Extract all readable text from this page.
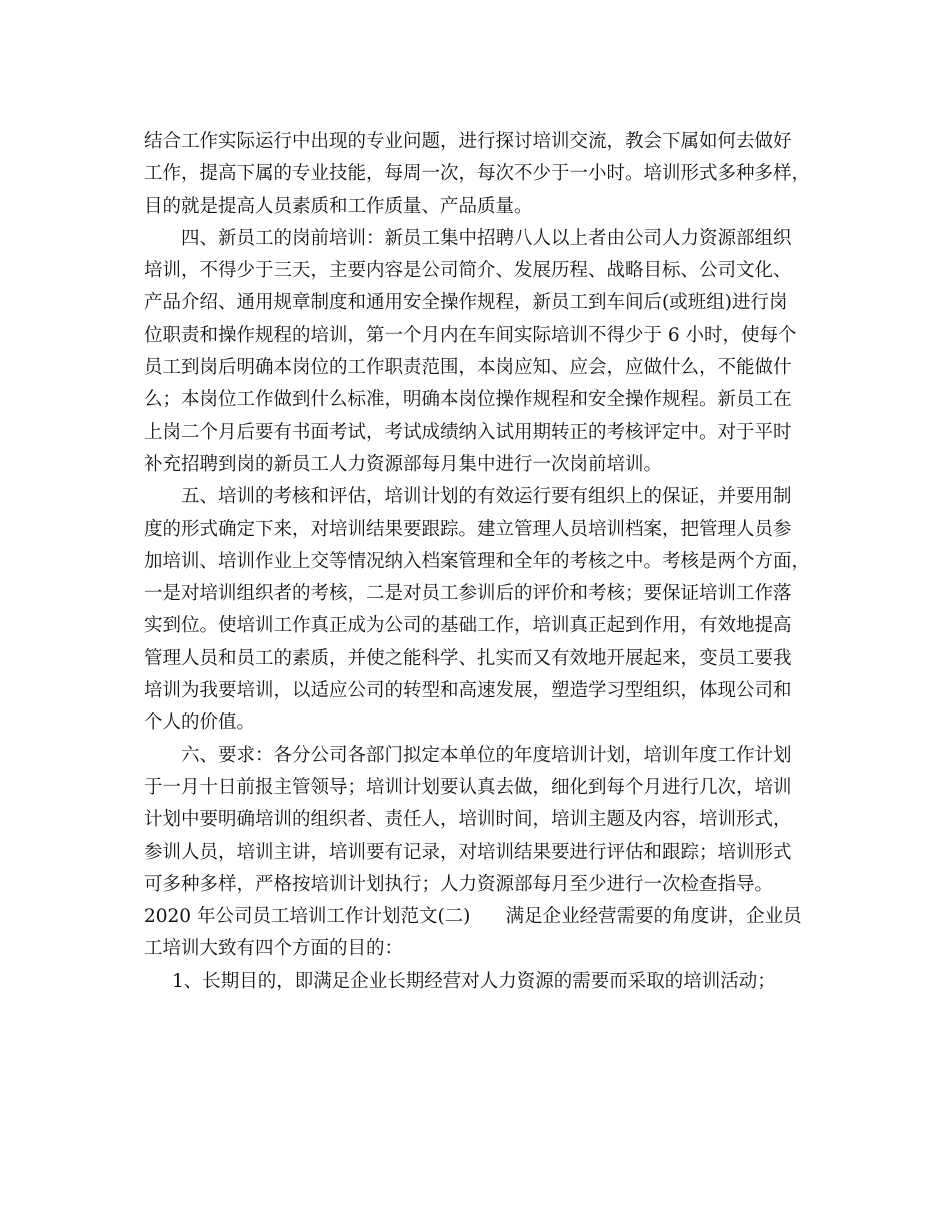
结合工作实际运行中出现的专业问题，进行探讨培训交流，教会下属如何去做好
工作，提高下属的专业技能，每周一次，每次不少于一小时。培训形式多种多样，
目的就是提高人员素质和工作质量、产品质量。
四、新员工的岗前培训：新员工集中招聘八人以上者由公司人力资源部组织
培训，不得少于三天，主要内容是公司简介、发展历程、战略目标、公司文化、
产品介绍、通用规章制度和通用安全操作规程，新员工到车间后(或班组)进行岗
位职责和操作规程的培训，第一个月内在车间实际培训不得少于 6 小时，使每个
员工到岗后明确本岗位的工作职责范围，本岗应知、应会，应做什么，不能做什
么；本岗位工作做到什么标准，明确本岗位操作规程和安全操作规程。新员工在
上岗二个月后要有书面考试，考试成绩纳入试用期转正的考核评定中。对于平时
补充招聘到岗的新员工人力资源部每月集中进行一次岗前培训。
五、培训的考核和评估，培训计划的有效运行要有组织上的保证，并要用制
度的形式确定下来，对培训结果要跟踪。建立管理人员培训档案，把管理人员参
加培训、培训作业上交等情况纳入档案管理和全年的考核之中。考核是两个方面，
一是对培训组织者的考核，二是对员工参训后的评价和考核；要保证培训工作落
实到位。使培训工作真正成为公司的基础工作，培训真正起到作用，有效地提高
管理人员和员工的素质，并使之能科学、扎实而又有效地开展起来，变员工要我
培训为我要培训，以适应公司的转型和高速发展，塑造学习型组织，体现公司和
个人的价值。
六、要求：各分公司各部门拟定本单位的年度培训计划，培训年度工作计划
于一月十日前报主管领导；培训计划要认真去做，细化到每个月进行几次，培训
计划中要明确培训的组织者、责任人，培训时间，培训主题及内容，培训形式，
参训人员，培训主讲，培训要有记录，对培训结果要进行评估和跟踪；培训形式
可多种多样，严格按培训计划执行；人力资源部每月至少进行一次检查指导。
2020 年公司员工培训工作计划范文(二)      满足企业经营需要的角度讲，企业员
工培训大致有四个方面的目的：
1、长期目的，即满足企业长期经营对人力资源的需要而采取的培训活动；
